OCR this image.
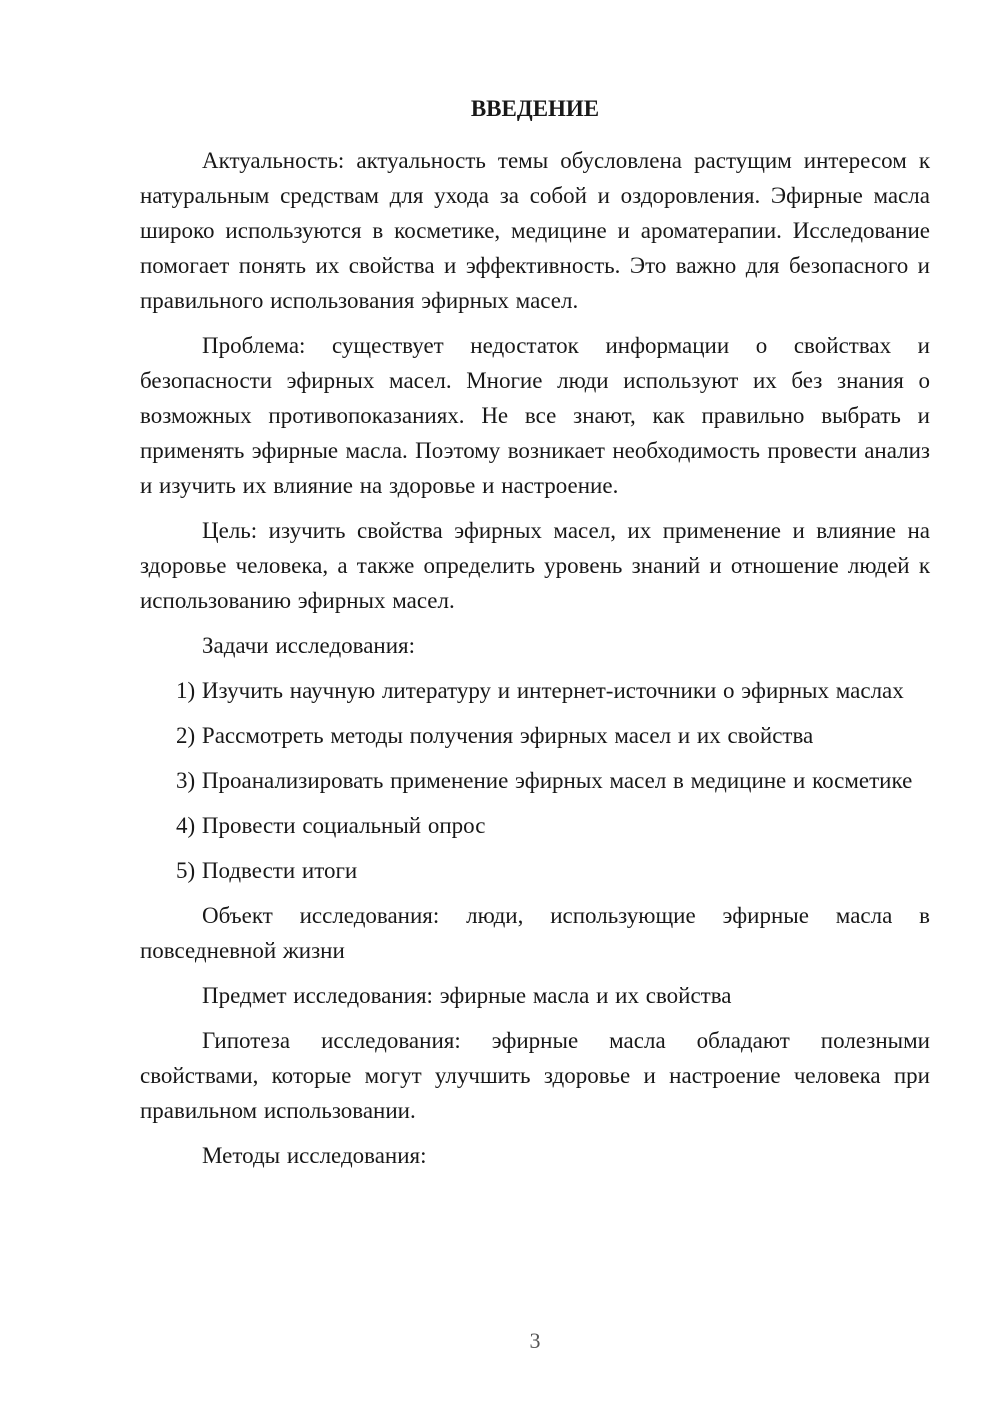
ВВЕДЕНИЕ

Актуальность: актуальность темы обусловлена растущим интересом к натуральным средствам для ухода за собой и оздоровления. Эфирные масла широко используются в косметике, медицине и ароматерапии. Исследование помогает понять их свойства и эффективность. Это важно для безопасного и правильного использования эфирных масел.

Проблема: существует недостаток информации о свойствах и безопасности эфирных масел. Многие люди используют их без знания о возможных противопоказаниях. Не все знают, как правильно выбрать и применять эфирные масла. Поэтому возникает необходимость провести анализ и изучить их влияние на здоровье и настроение.

Цель: изучить свойства эфирных масел, их применение и влияние на здоровье человека, а также определить уровень знаний и отношение людей к использованию эфирных масел.

Задачи исследования:

1) Изучить научную литературу и интернет-источники о эфирных маслах

2) Рассмотреть методы получения эфирных масел и их свойства

3) Проанализировать применение эфирных масел в медицине и косметике

4) Провести социальный опрос

5) Подвести итоги

Объект исследования: люди, использующие эфирные масла в повседневной жизни

Предмет исследования: эфирные масла и их свойства

Гипотеза исследования: эфирные масла обладают полезными свойствами, которые могут улучшить здоровье и настроение человека при правильном использовании.

Методы исследования:

3
